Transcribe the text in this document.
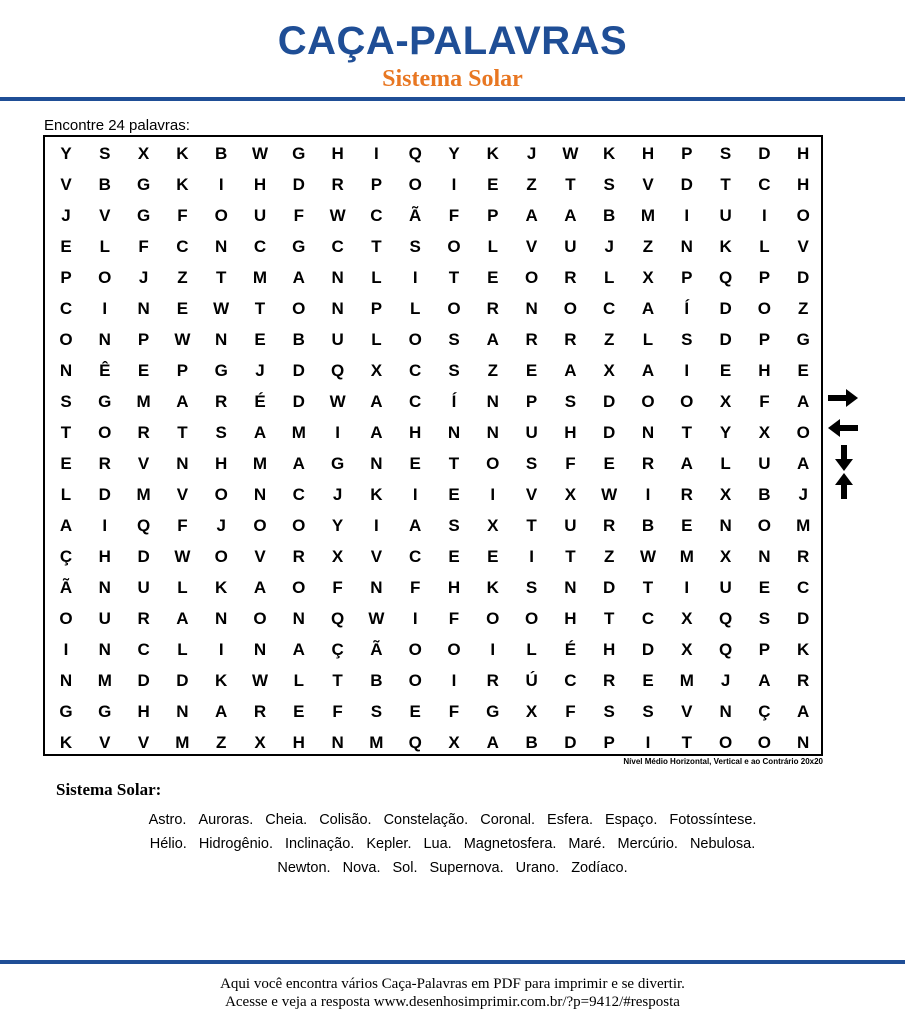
CAÇA-PALAVRAS
Sistema Solar
Encontre 24 palavras:
Y	S	X	K	B	W	G	H	I	Q	Y	K	J	W	K	H	P	S	D	H
V	B	G	K	I	H	D	R	P	O	I	E	Z	T	S	V	D	T	C	H
J	V	G	F	O	U	F	W	C	Ã	F	P	A	A	B	M	I	U	I	O
E	L	F	C	N	C	G	C	T	S	O	L	V	U	J	Z	N	K	L	V
P	O	J	Z	T	M	A	N	L	I	T	E	O	R	L	X	P	Q	P	D
C	I	N	E	W	T	O	N	P	L	O	R	N	O	C	A	Í	D	O	Z
O	N	P	W	N	E	B	U	L	O	S	A	R	R	Z	L	S	D	P	G
N	Ê	E	P	G	J	D	Q	X	C	S	Z	E	A	X	A	I	E	H	E
S	G	M	A	R	É	D	W	A	C	Í	N	P	S	D	O	O	X	F	A
T	O	R	T	S	A	M	I	A	H	N	N	U	H	D	N	T	Y	X	O
E	R	V	N	H	M	A	G	N	E	T	O	S	F	E	R	A	L	U	A
L	D	M	V	O	N	C	J	K	I	E	I	V	X	W	I	R	X	B	J
A	I	Q	F	J	O	O	Y	I	A	S	X	T	U	R	B	E	N	O	M
Ç	H	D	W	O	V	R	X	V	C	E	E	I	T	Z	W	M	X	N	R
Ã	N	U	L	K	A	O	F	N	F	H	K	S	N	D	T	I	U	E	C
O	U	R	A	N	O	N	Q	W	I	F	O	O	H	T	C	X	Q	S	D
I	N	C	L	I	N	A	Ç	Ã	O	O	I	L	É	H	D	X	Q	P	K
N	M	D	D	K	W	L	T	B	O	I	R	Ú	C	R	E	M	J	A	R
G	G	H	N	A	R	E	F	S	E	F	G	X	F	S	S	V	N	Ç	A
K	V	V	M	Z	X	H	N	M	Q	X	A	B	D	P	I	T	O	O	N
Nível Médio Horizontal, Vertical e ao Contrário 20x20
Sistema Solar:
Astro. Auroras. Cheia. Colisão. Constelação. Coronal. Esfera. Espaço. Fotossíntese.
Hélio. Hidrogênio. Inclinação. Kepler. Lua. Magnetosfera. Maré. Mercúrio. Nebulosa.
Newton. Nova. Sol. Supernova. Urano. Zodíaco.
Aqui você encontra vários Caça-Palavras em PDF para imprimir e se divertir.
Acesse e veja a resposta www.desenhosimprimir.com.br/?p=9412/#resposta
